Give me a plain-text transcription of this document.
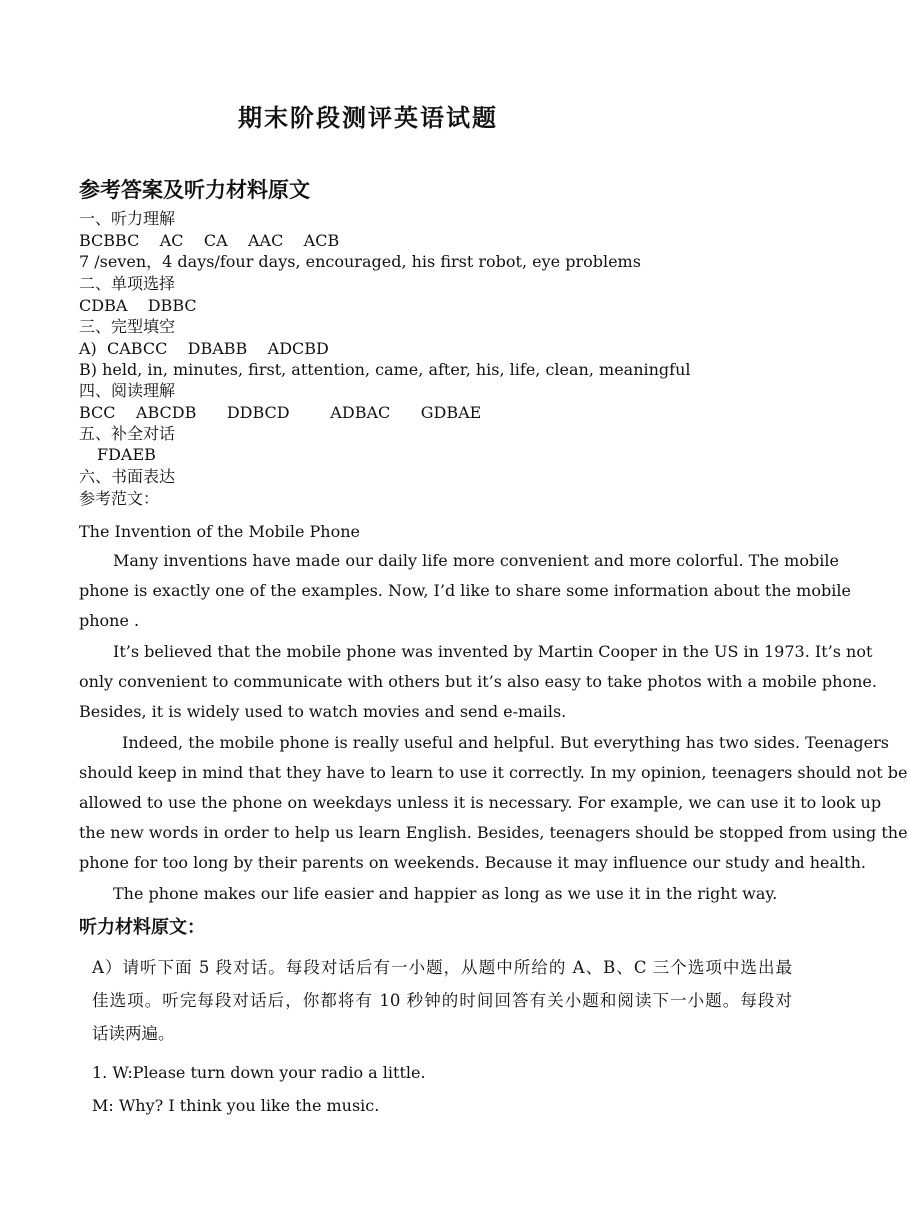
期末阶段测评英语试题
参考答案及听力材料原文
一、听力理解
BCBBC    AC    CA    AAC    ACB
7 /seven，4 days/four days, encouraged, his first robot, eye problems
二、单项选择
CDBA    DBBC
三、完型填空
A)  CABCC    DBABB    ADCBD
B) held, in, minutes, first, attention, came, after, his, life, clean, meaningful
四、阅读理解
BCC    ABCDB      DDBCD        ADBAC      GDBAE
五、补全对话
FDAEB
六、书面表达
参考范文：
The Invention of the Mobile Phone
Many inventions have made our daily life more convenient and more colorful. The mobile
phone is exactly one of the examples. Now, I’d like to share some information about the mobile
phone .
It’s believed that the mobile phone was invented by Martin Cooper in the US in 1973. It’s not
only convenient to communicate with others but it’s also easy to take photos with a mobile phone.
Besides, it is widely used to watch movies and send e-mails.
Indeed, the mobile phone is really useful and helpful. But everything has two sides. Teenagers
should keep in mind that they have to learn to use it correctly. In my opinion, teenagers should not be
allowed to use the phone on weekdays unless it is necessary. For example, we can use it to look up
the new words in order to help us learn English. Besides, teenagers should be stopped from using the
phone for too long by their parents on weekends. Because it may influence our study and health.
The phone makes our life easier and happier as long as we use it in the right way.
听力材料原文：
A）请听下面 5 段对话。每段对话后有一小题，从题中所给的 A、B、C 三个选项中选出最
佳选项。听完每段对话后，你都将有 10 秒钟的时间回答有关小题和阅读下一小题。每段对
话读两遍。
1. W:Please turn down your radio a little.
M: Why? I think you like the music.
